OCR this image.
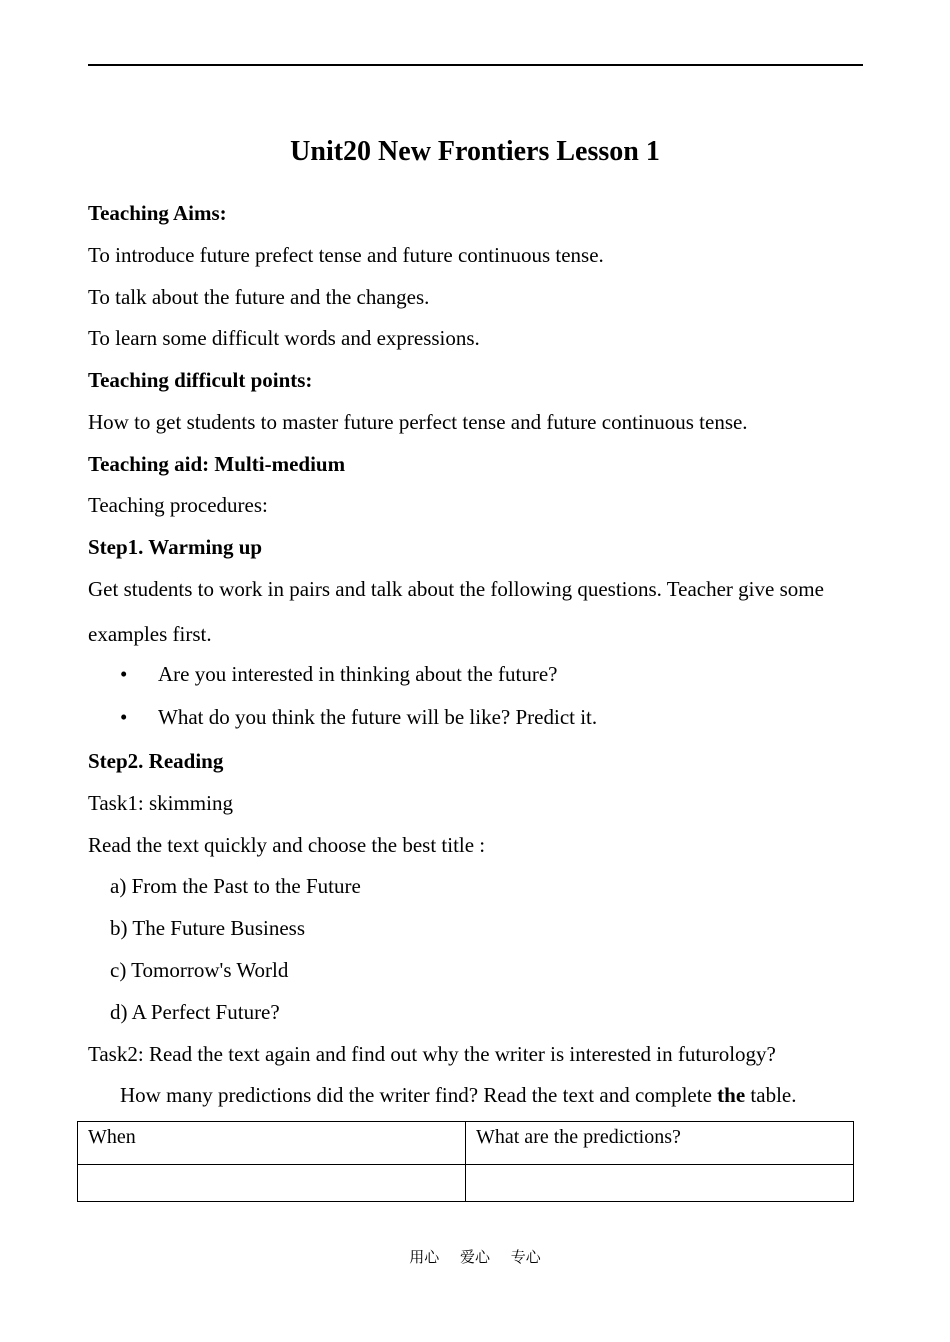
Unit20 New Frontiers Lesson 1
Teaching Aims:
To introduce future prefect tense and future continuous tense.
To talk about the future and the changes.
To learn some difficult words and expressions.
Teaching difficult points:
How to get students to master future perfect tense and future continuous tense.
Teaching aid: Multi-medium
Teaching procedures:
Step1. Warming up
Get students to work in pairs and talk about the following questions. Teacher give some
examples first.
• Are you interested in thinking about the future?
• What do you think the future will be like? Predict it.
Step2. Reading
Task1: skimming
Read the text quickly and choose the best title :
a) From the Past to the Future
b) The Future Business
c) Tomorrow's World
d) A Perfect Future?
Task2: Read the text again and find out why the writer is interested in futurology?
How many predictions did the writer find? Read the text and complete the table.
When	What are the predictions?

用心 爱心 专心
